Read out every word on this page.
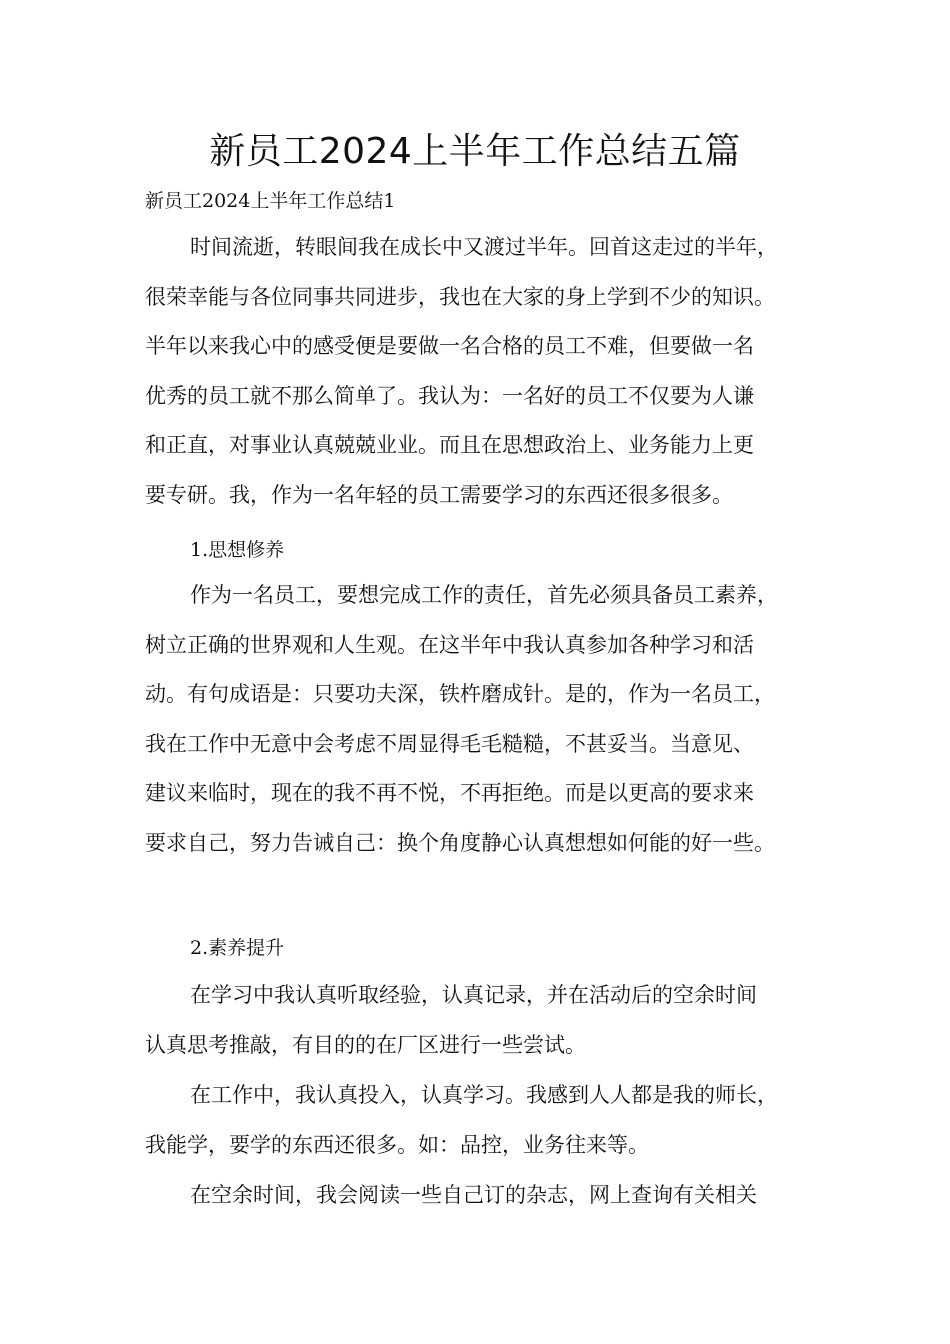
新员工2024上半年工作总结五篇

新员工2024上半年工作总结1

时间流逝，转眼间我在成长中又渡过半年。回首这走过的半年，
很荣幸能与各位同事共同进步，我也在大家的身上学到不少的知识。
半年以来我心中的感受便是要做一名合格的员工不难，但要做一名
优秀的员工就不那么简单了。我认为：一名好的员工不仅要为人谦
和正直，对事业认真兢兢业业。而且在思想政治上、业务能力上更
要专研。我，作为一名年轻的员工需要学习的东西还很多很多。

1.思想修养

作为一名员工，要想完成工作的责任，首先必须具备员工素养，
树立正确的世界观和人生观。在这半年中我认真参加各种学习和活
动。有句成语是：只要功夫深，铁杵磨成针。是的，作为一名员工，
我在工作中无意中会考虑不周显得毛毛糙糙，不甚妥当。当意见、
建议来临时，现在的我不再不悦，不再拒绝。而是以更高的要求来
要求自己，努力告诫自己：换个角度静心认真想想如何能的好一些。

2.素养提升

在学习中我认真听取经验，认真记录，并在活动后的空余时间
认真思考推敲，有目的的在厂区进行一些尝试。
在工作中，我认真投入，认真学习。我感到人人都是我的师长，
我能学，要学的东西还很多。如：品控，业务往来等。
在空余时间，我会阅读一些自己订的杂志，网上查询有关相关
